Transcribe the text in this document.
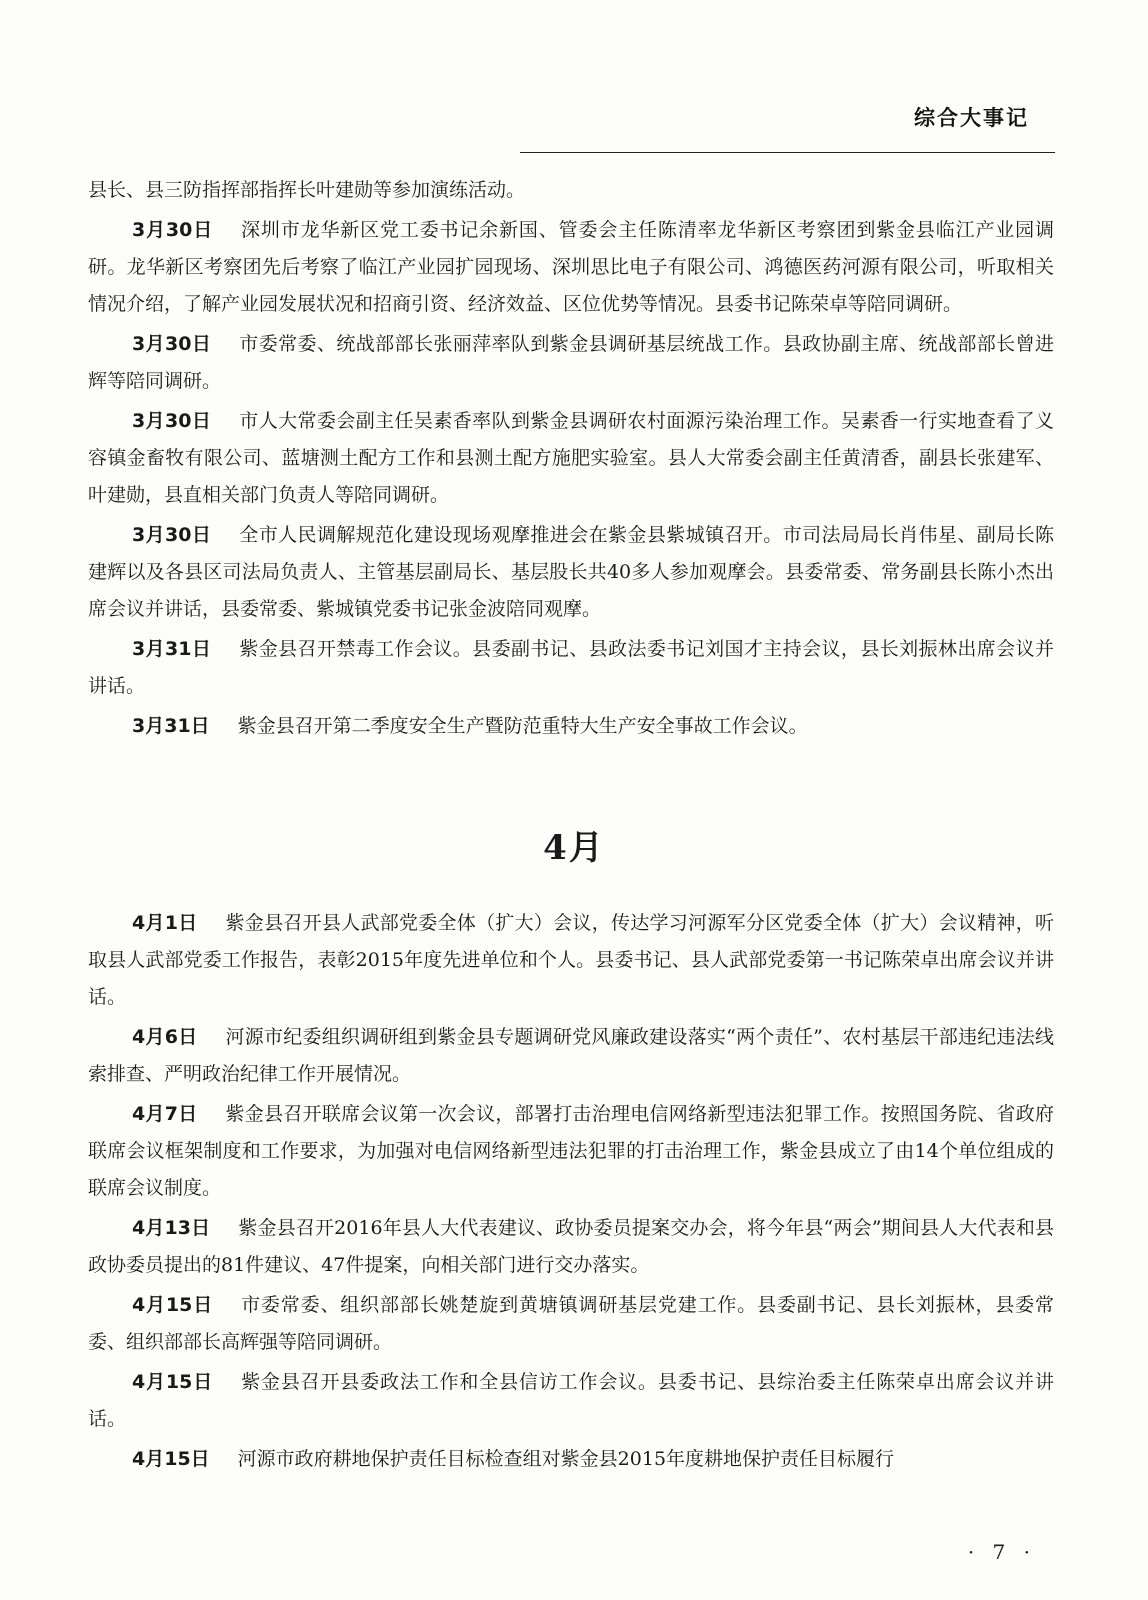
综合大事记

县长、县三防指挥部指挥长叶建勋等参加演练活动。

3月30日 深圳市龙华新区党工委书记余新国、管委会主任陈清率龙华新区考察团到紫金县临江产业园调研。龙华新区考察团先后考察了临江产业园扩园现场、深圳思比电子有限公司、鸿德医药河源有限公司，听取相关情况介绍，了解产业园发展状况和招商引资、经济效益、区位优势等情况。县委书记陈荣卓等陪同调研。

3月30日 市委常委、统战部部长张丽萍率队到紫金县调研基层统战工作。县政协副主席、统战部部长曾进辉等陪同调研。

3月30日 市人大常委会副主任吴素香率队到紫金县调研农村面源污染治理工作。吴素香一行实地查看了义容镇金畜牧有限公司、蓝塘测土配方工作和县测土配方施肥实验室。县人大常委会副主任黄清香，副县长张建军、叶建勋，县直相关部门负责人等陪同调研。

3月30日 全市人民调解规范化建设现场观摩推进会在紫金县紫城镇召开。市司法局局长肖伟星、副局长陈建辉以及各县区司法局负责人、主管基层副局长、基层股长共40多人参加观摩会。县委常委、常务副县长陈小杰出席会议并讲话，县委常委、紫城镇党委书记张金波陪同观摩。

3月31日 紫金县召开禁毒工作会议。县委副书记、县政法委书记刘国才主持会议，县长刘振林出席会议并讲话。

3月31日 紫金县召开第二季度安全生产暨防范重特大生产安全事故工作会议。

4月

4月1日 紫金县召开县人武部党委全体（扩大）会议，传达学习河源军分区党委全体（扩大）会议精神，听取县人武部党委工作报告，表彰2015年度先进单位和个人。县委书记、县人武部党委第一书记陈荣卓出席会议并讲话。

4月6日 河源市纪委组织调研组到紫金县专题调研党风廉政建设落实“两个责任”、农村基层干部违纪违法线索排查、严明政治纪律工作开展情况。

4月7日 紫金县召开联席会议第一次会议，部署打击治理电信网络新型违法犯罪工作。按照国务院、省政府联席会议框架制度和工作要求，为加强对电信网络新型违法犯罪的打击治理工作，紫金县成立了由14个单位组成的联席会议制度。

4月13日 紫金县召开2016年县人大代表建议、政协委员提案交办会，将今年县“两会”期间县人大代表和县政协委员提出的81件建议、47件提案，向相关部门进行交办落实。

4月15日 市委常委、组织部部长姚楚旋到黄塘镇调研基层党建工作。县委副书记、县长刘振林，县委常委、组织部部长高辉强等陪同调研。

4月15日 紫金县召开县委政法工作和全县信访工作会议。县委书记、县综治委主任陈荣卓出席会议并讲话。

4月15日 河源市政府耕地保护责任目标检查组对紫金县2015年度耕地保护责任目标履行

· 7 ·
